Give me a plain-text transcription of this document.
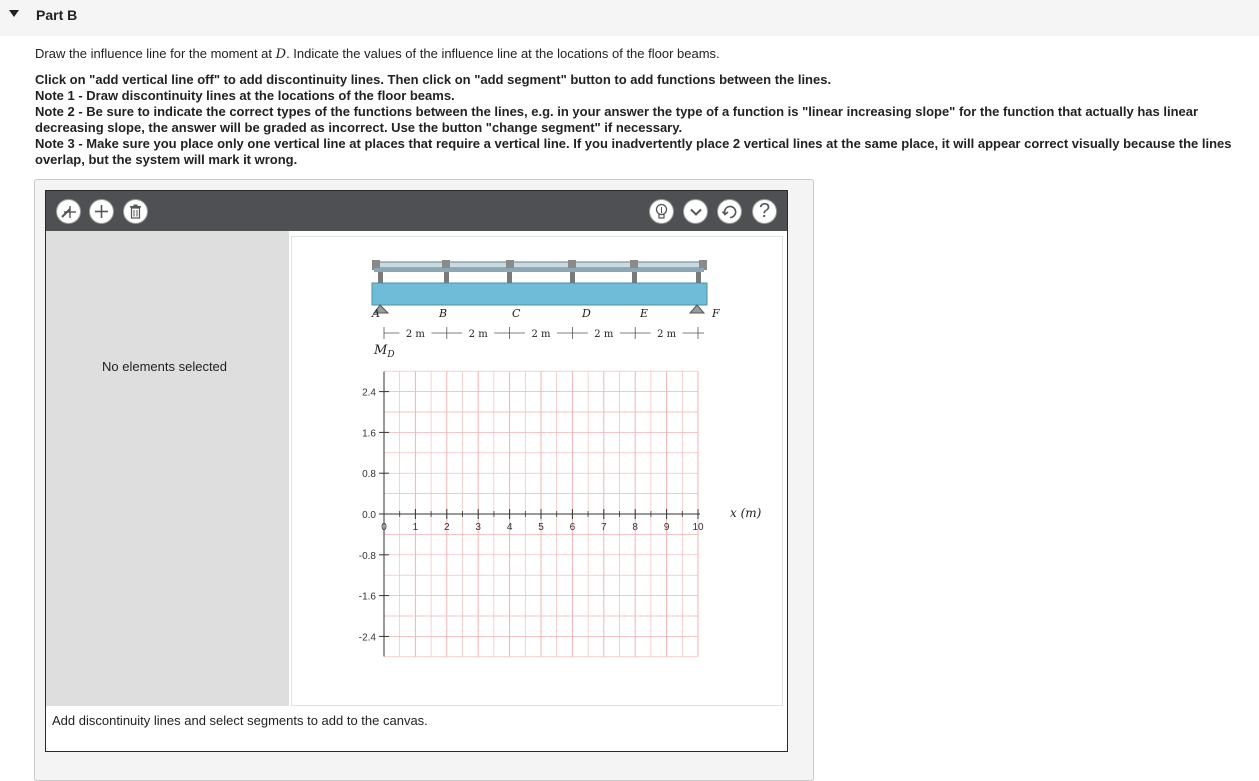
Part B
Draw the influence line for the moment at D. Indicate the values of the influence line at the locations of the floor beams.
Click on "add vertical line off" to add discontinuity lines. Then click on "add segment" button to add functions between the lines.
Note 1 - Draw discontinuity lines at the locations of the floor beams.
Note 2 - Be sure to indicate the correct types of the functions between the lines, e.g. in your answer the type of a function is "linear increasing slope" for the function that actually has linear
decreasing slope, the answer will be graded as incorrect. Use the button "change segment" if necessary.
Note 3 - Make sure you place only one vertical line at places that require a vertical line. If you inadvertently place 2 vertical lines at the same place, it will appear correct visually because the lines
overlap, but the system will mark it wrong.
?
No elements selected
A	B	C	D	E	F
2 m	2 m	2 m	2 m	2 m
$M_D$
0	1	2	3	4	5	6	7	8	9 10
2.4
1.6
0.8
0.0
-0.8
-1.6
-2.4
x (m)
Add discontinuity lines and select segments to add to the canvas.
